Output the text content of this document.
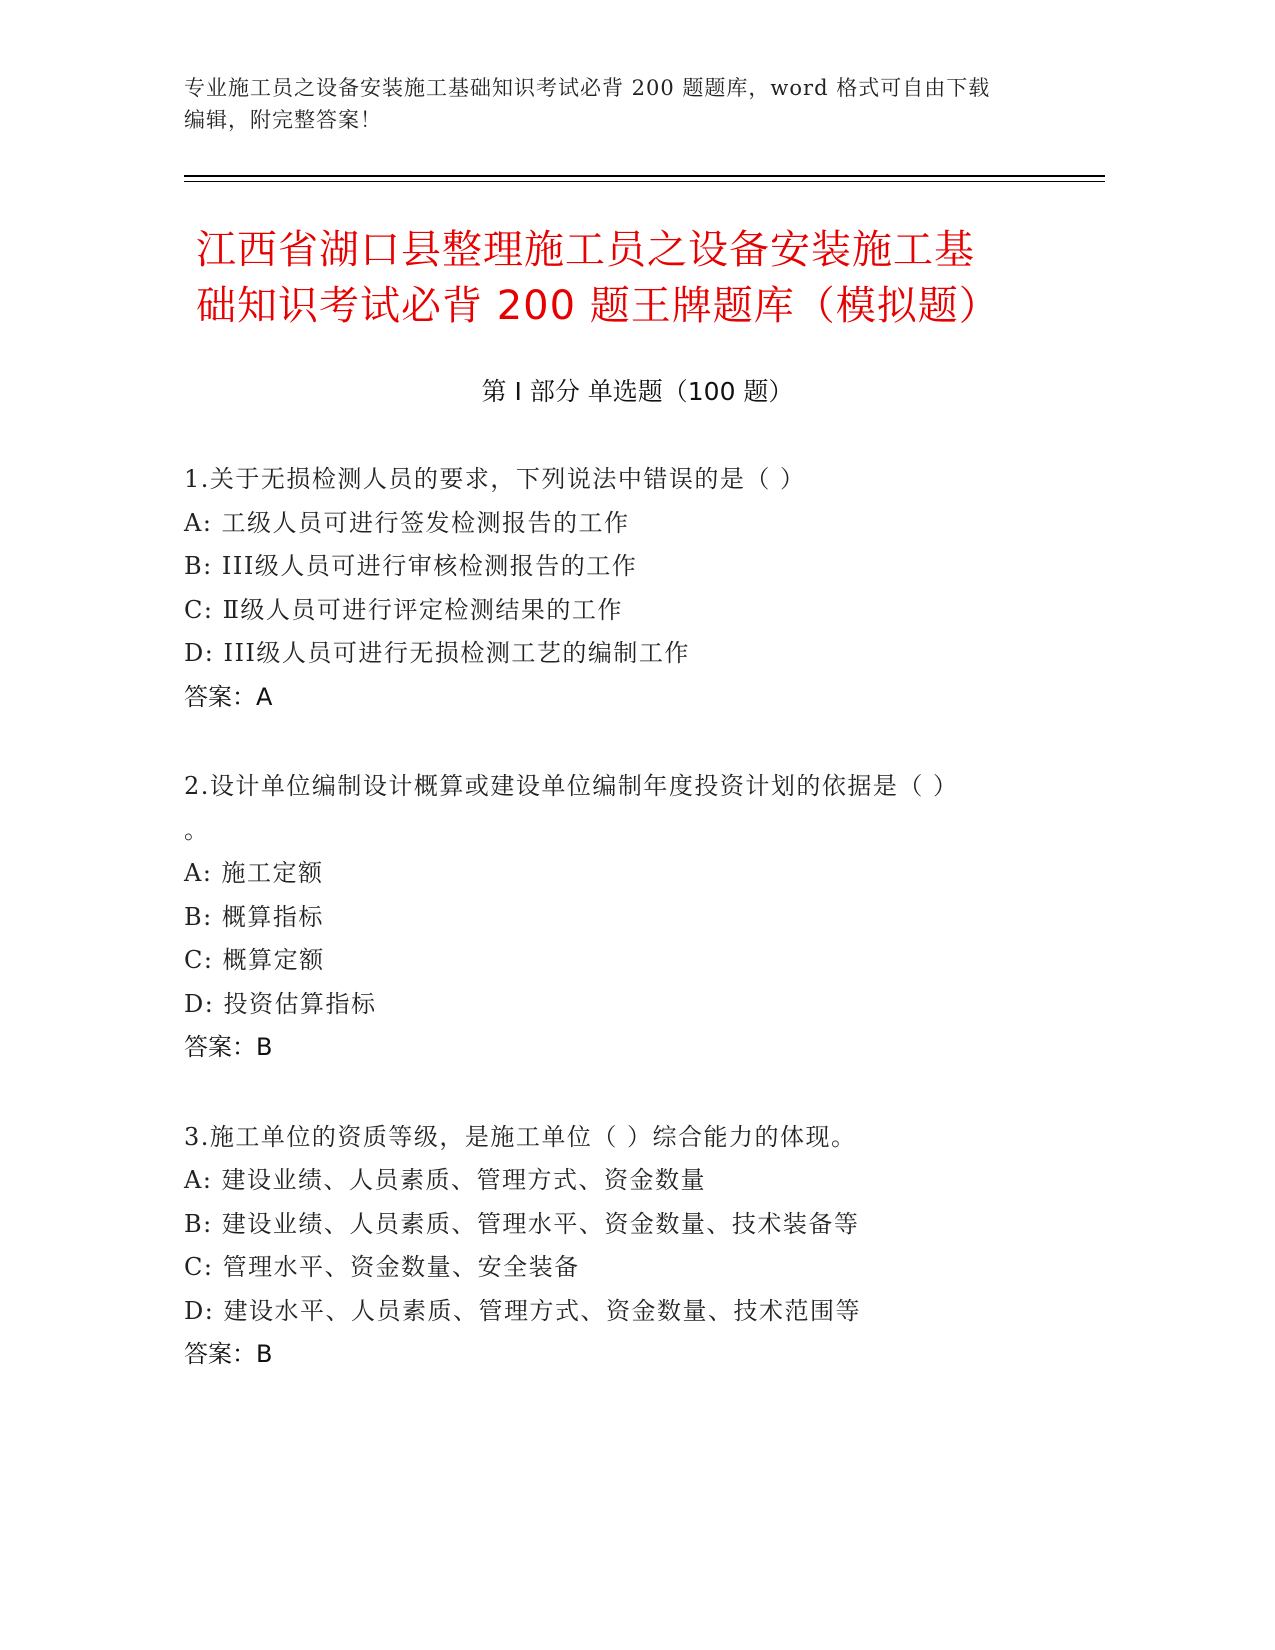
专业施工员之设备安装施工基础知识考试必背 200 题题库，word 格式可自由下载
编辑，附完整答案！
江西省湖口县整理施工员之设备安装施工基
础知识考试必背 200 题王牌题库（模拟题）
第 I 部分 单选题（100 题）
1.关于无损检测人员的要求，下列说法中错误的是（ ）
A: 工级人员可进行签发检测报告的工作
B: III级人员可进行审核检测报告的工作
C: Ⅱ级人员可进行评定检测结果的工作
D: III级人员可进行无损检测工艺的编制工作
答案：A
2.设计单位编制设计概算或建设单位编制年度投资计划的依据是（ ）
。
A: 施工定额
B: 概算指标
C: 概算定额
D: 投资估算指标
答案：B
3.施工单位的资质等级，是施工单位（ ）综合能力的体现。
A: 建设业绩、人员素质、管理方式、资金数量
B: 建设业绩、人员素质、管理水平、资金数量、技术装备等
C: 管理水平、资金数量、安全装备
D: 建设水平、人员素质、管理方式、资金数量、技术范围等
答案：B
